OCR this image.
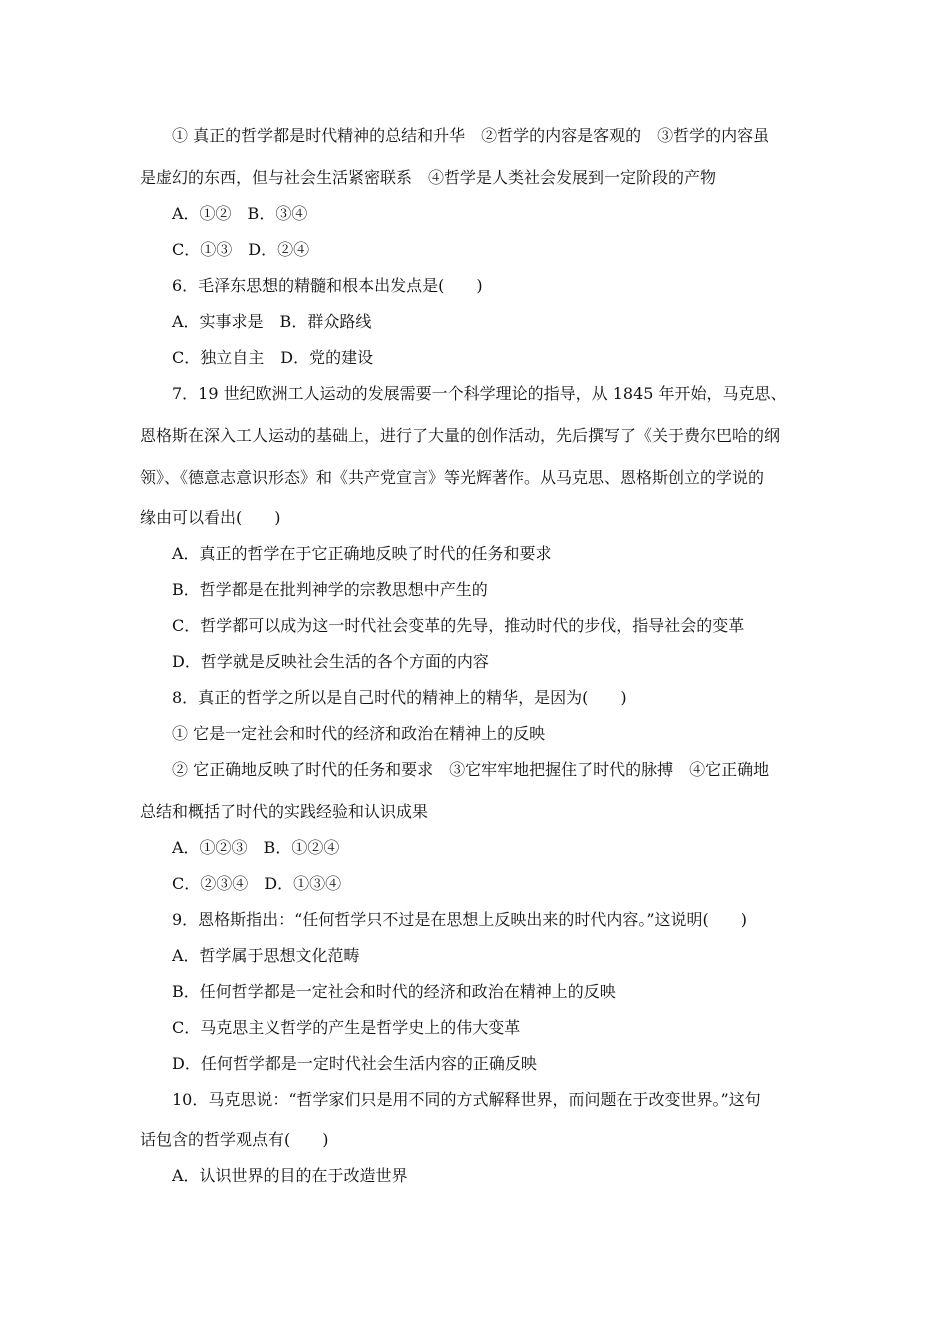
① 真正的哲学都是时代精神的总结和升华　②哲学的内容是客观的　③哲学的内容虽
是虚幻的东西，但与社会生活紧密联系　④哲学是人类社会发展到一定阶段的产物
A．①②　B．③④
C．①③　D．②④
6．毛泽东思想的精髓和根本出发点是(　　)
A．实事求是　B．群众路线
C．独立自主　D．党的建设
7．19 世纪欧洲工人运动的发展需要一个科学理论的指导，从 1845 年开始，马克思、
恩格斯在深入工人运动的基础上，进行了大量的创作活动，先后撰写了《关于费尔巴哈的纲
领》、《德意志意识形态》和《共产党宣言》等光辉著作。从马克思、恩格斯创立的学说的
缘由可以看出(　　)
A．真正的哲学在于它正确地反映了时代的任务和要求
B．哲学都是在批判神学的宗教思想中产生的
C．哲学都可以成为这一时代社会变革的先导，推动时代的步伐，指导社会的变革
D．哲学就是反映社会生活的各个方面的内容
8．真正的哲学之所以是自己时代的精神上的精华，是因为(　　)
① 它是一定社会和时代的经济和政治在精神上的反映
② 它正确地反映了时代的任务和要求　③它牢牢地把握住了时代的脉搏　④它正确地
总结和概括了时代的实践经验和认识成果
A．①②③　B．①②④
C．②③④　D．①③④
9．恩格斯指出：“任何哲学只不过是在思想上反映出来的时代内容。”这说明(　　)
A．哲学属于思想文化范畴
B．任何哲学都是一定社会和时代的经济和政治在精神上的反映
C．马克思主义哲学的产生是哲学史上的伟大变革
D．任何哲学都是一定时代社会生活内容的正确反映
10．马克思说：“哲学家们只是用不同的方式解释世界，而问题在于改变世界。”这句
话包含的哲学观点有(　　)
A．认识世界的目的在于改造世界
